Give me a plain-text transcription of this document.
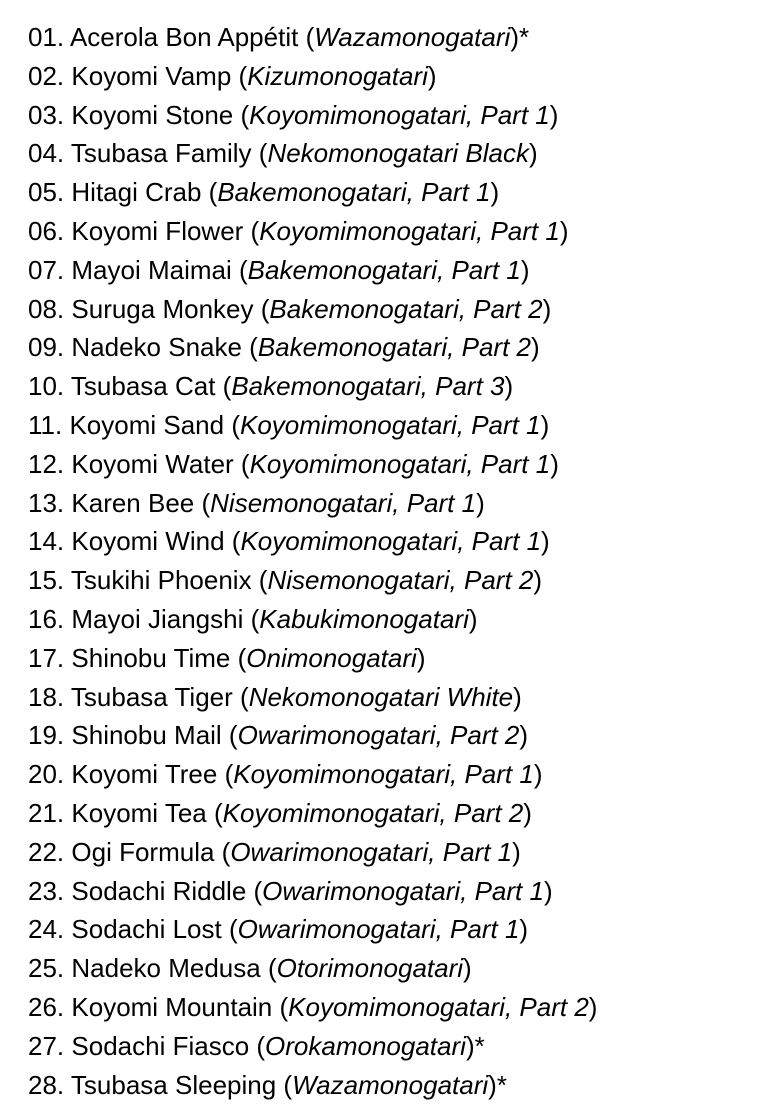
01. Acerola Bon Appétit (Wazamonogatari)*
02. Koyomi Vamp (Kizumonogatari)
03. Koyomi Stone (Koyomimonogatari, Part 1)
04. Tsubasa Family (Nekomonogatari Black)
05. Hitagi Crab (Bakemonogatari, Part 1)
06. Koyomi Flower (Koyomimonogatari, Part 1)
07. Mayoi Maimai (Bakemonogatari, Part 1)
08. Suruga Monkey (Bakemonogatari, Part 2)
09. Nadeko Snake (Bakemonogatari, Part 2)
10. Tsubasa Cat (Bakemonogatari, Part 3)
11. Koyomi Sand (Koyomimonogatari, Part 1)
12. Koyomi Water (Koyomimonogatari, Part 1)
13. Karen Bee (Nisemonogatari, Part 1)
14. Koyomi Wind (Koyomimonogatari, Part 1)
15. Tsukihi Phoenix (Nisemonogatari, Part 2)
16. Mayoi Jiangshi (Kabukimonogatari)
17. Shinobu Time (Onimonogatari)
18. Tsubasa Tiger (Nekomonogatari White)
19. Shinobu Mail (Owarimonogatari, Part 2)
20. Koyomi Tree (Koyomimonogatari, Part 1)
21. Koyomi Tea (Koyomimonogatari, Part 2)
22. Ogi Formula (Owarimonogatari, Part 1)
23. Sodachi Riddle (Owarimonogatari, Part 1)
24. Sodachi Lost (Owarimonogatari, Part 1)
25. Nadeko Medusa (Otorimonogatari)
26. Koyomi Mountain (Koyomimonogatari, Part 2)
27. Sodachi Fiasco (Orokamonogatari)*
28. Tsubasa Sleeping (Wazamonogatari)*
